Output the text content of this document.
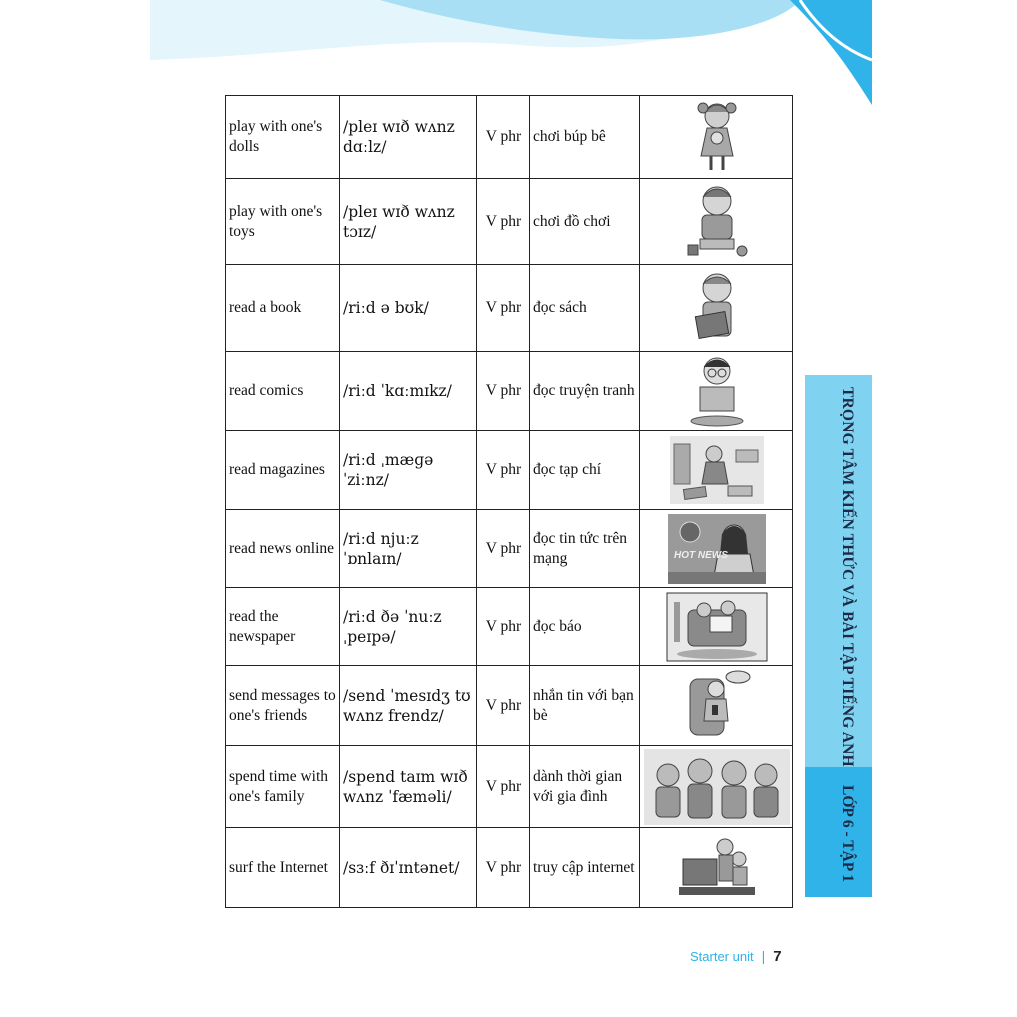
play with one's dolls	/pleɪ wɪð wʌnz dɑːlz/	V phr	chơi búp bê	

play with one's toys	/pleɪ wɪð wʌnz tɔɪz/	V phr	chơi đồ chơi	

read a book	/riːd ə bʊk/	V phr	đọc sách	

read comics	/riːd ˈkɑːmɪkz/	V phr	đọc truyện tranh	

read magazines	/riːd ˌmæɡəˈziːnz/	V phr	đọc tạp chí	

read news online	/riːd njuːz ˈɒnlaɪn/	V phr	đọc tin tức trên mạng	HOT NEWS

read the newspaper	/riːd ðə ˈnuːzˌpeɪpə/	V phr	đọc báo	

send messages to one's friends	/send ˈmesɪdʒ tʊ wʌnz frendz/	V phr	nhắn tin với bạn bè	

spend time with one's family	/spend taɪm wɪð wʌnz ˈfæməli/	V phr	dành thời gian với gia đình	

surf the Internet	/sɜːf ðɪˈɪntənet/	V phr	truy cập internet	
TRỌNG TÂM KIẾN THỨC VÀ BÀI TẬP TIẾNG ANH
LỚP 6 - TẬP 1
Starter unit | 7
